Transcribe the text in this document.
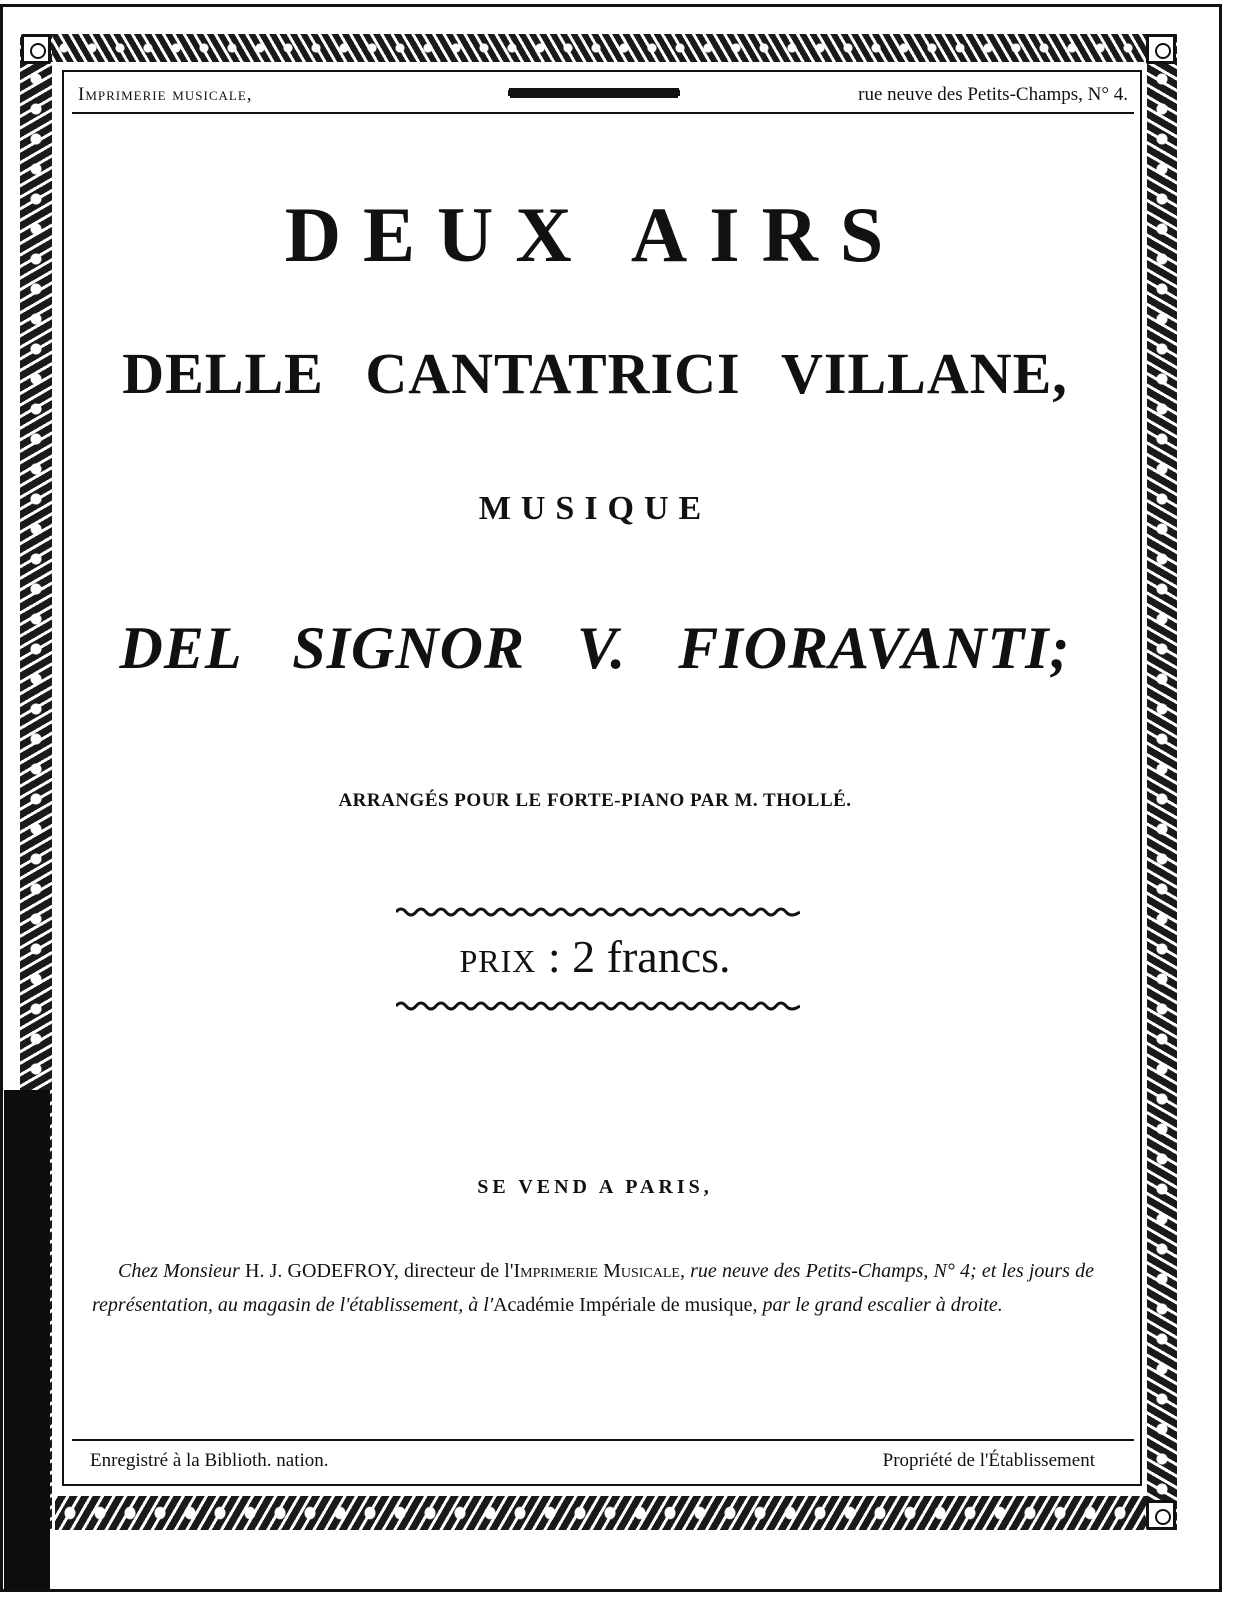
Imprimerie musicale,	rue neuve des Petits-Champs, N° 4.
DEUX AIRS
DELLE CANTATRICI VILLANE,
MUSIQUE
DEL SIGNOR V. FIORAVANTI;
ARRANGÉS POUR LE FORTE-PIANO PAR M. THOLLÉ.
PRIX : 2 francs.
SE VEND A PARIS,
Chez Monsieur H. J. GODEFROY, directeur de l'Imprimerie Musicale, rue neuve des Petits-Champs, N° 4; et les jours de représentation, au magasin de l'établissement, à l'Académie Impériale de musique, par le grand escalier à droite.
Enregistré à la Biblioth. nation.	Propriété de l'Établissement
